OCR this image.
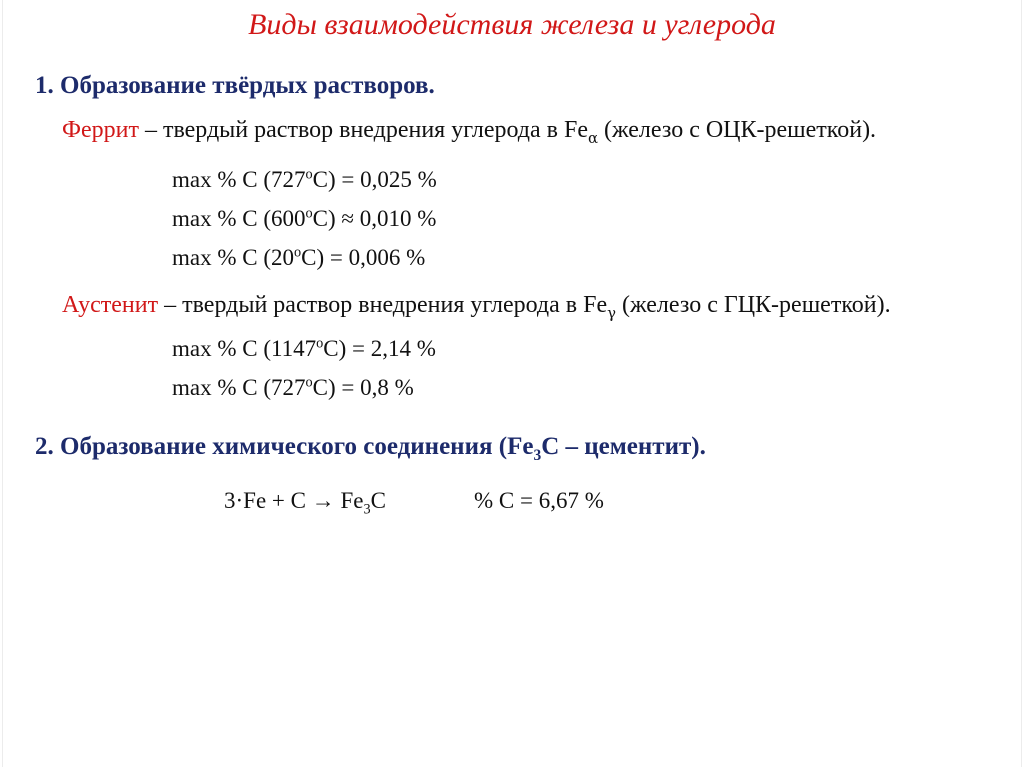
Виды взаимодействия железа и углерода
1. Образование твёрдых растворов.
Феррит – твердый раствор внедрения углерода в $Fe_\alpha$ (железо с ОЦК-решеткой).
max % C $(727^оС) = 0,025$ %
max % C $(600^оС) \approx 0,010$ %
max % C $(20^оС) = 0,006$ %
Аустенит – твердый раствор внедрения углерода в $Fe_\gamma$ (железо с ГЦК-решеткой).
max % C $(1147^оС) = 2,14$ %
max % C $(727^оС) = 0,8$ %
2. Образование химического соединения ($Fe_3C$ – цементит).
$3\cdot Fe + C \to Fe_3C$	% C = 6,67 %
